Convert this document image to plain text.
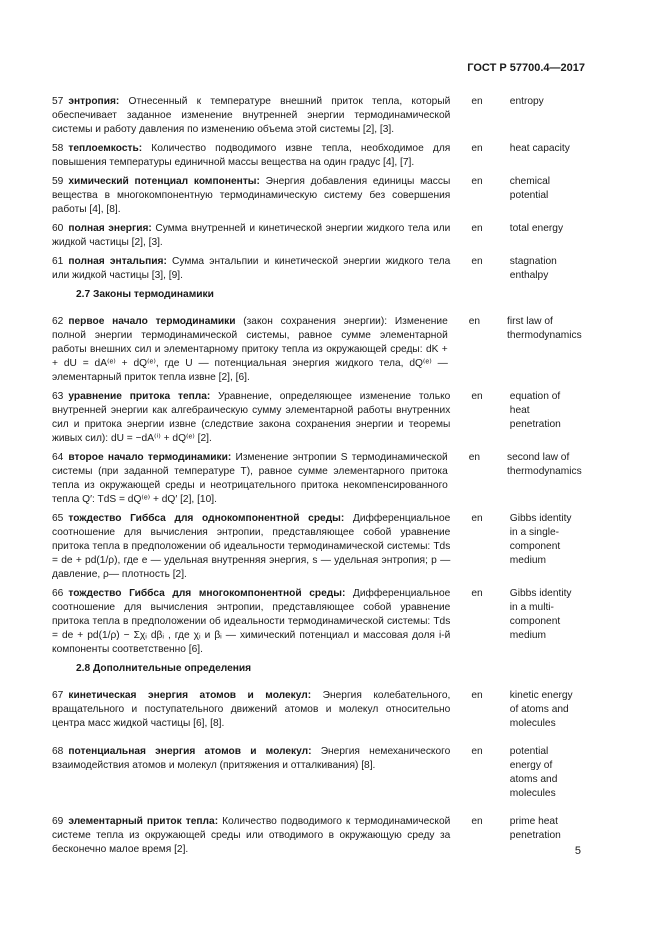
ГОСТ Р 57700.4—2017
57 энтропия: Отнесенный к температуре внешний приток тепла, который обеспечивает заданное изменение внутренней энергии термодинамической системы и работу давления по изменению объема этой системы [2], [3].
en	entropy
58 теплоемкость: Количество подводимого извне тепла, необходимое для повышения температуры единичной массы вещества на один градус [4], [7].
en	heat capacity
59 химический потенциал компоненты: Энергия добавления единицы массы вещества в многокомпонентную термодинамическую систему без совершения работы [4], [8].
en	chemical potential
60 полная энергия: Сумма внутренней и кинетической энергии жидкого тела или жидкой частицы [2], [3].
en	total energy
61 полная энтальпия: Сумма энтальпии и кинетической энергии жидкого тела или жидкой частицы [3], [9].
en	stagnation enthalpy
2.7 Законы термодинамики
62 первое начало термодинамики (закон сохранения энергии): Изменение полной энергии термодинамической системы, равное сумме элементарной работы внешних сил и элементарному притоку тепла из окружающей среды: dK + + dU = dA⁽ᵉ⁾ + dQ⁽ᵉ⁾, где U — потенциальная энергия жидкого тела, dQ⁽ᵉ⁾ — элементарный приток тепла извне [2], [6].
en	first law of thermodynamics
63 уравнение притока тепла: Уравнение, определяющее изменение только внутренней энергии как алгебраическую сумму элементарной работы внутренних сил и притока энергии извне (следствие закона сохранения энергии и теоремы живых сил): dU = −dA⁽ⁱ⁾ + dQ⁽ᵉ⁾ [2].
en	equation of heat penetration
64 второе начало термодинамики: Изменение энтропии S термодинамической системы (при заданной температуре T), равное сумме элементарного притока тепла из окружающей среды и неотрицательного притока некомпенсированного тепла Q′: TdS = dQ⁽ᵉ⁾ + dQ′ [2], [10].
en	second law of thermodynamics
65 тождество Гиббса для однокомпонентной среды: Дифференциальное соотношение для вычисления энтропии, представляющее собой уравнение притока тепла в предположении об идеальности термодинамической системы: Tds = de + pd(1/ρ), где e — удельная внутренняя энергия, s — удельная энтропия; p — давление, ρ— плотность [2].
en	Gibbs identity in a single-component medium
66 тождество Гиббса для многокомпонентной среды: Дифференциальное соотношение для вычисления энтропии, представляющее собой уравнение притока тепла в предположении об идеальности термодинамической системы: Tds = de + pd(1/ρ) − Σχᵢ dβᵢ , где χᵢ и βᵢ — химический потенциал и массовая доля i-й компоненты соответственно [6].
en	Gibbs identity in a multi-component medium
2.8 Дополнительные определения
67 кинетическая энергия атомов и молекул: Энергия колебательного, вращательного и поступательного движений атомов и молекул относительно центра масс жидкой частицы [6], [8].
en	kinetic energy of atoms and molecules
68 потенциальная энергия атомов и молекул: Энергия немеханического взаимодействия атомов и молекул (притяжения и отталкивания) [8].
en	potential energy of atoms and molecules
69 элементарный приток тепла: Количество подводимого к термодинамической системе тепла из окружающей среды или отводимого в окружающую среду за бесконечно малое время [2].
en	prime heat penetration
5
